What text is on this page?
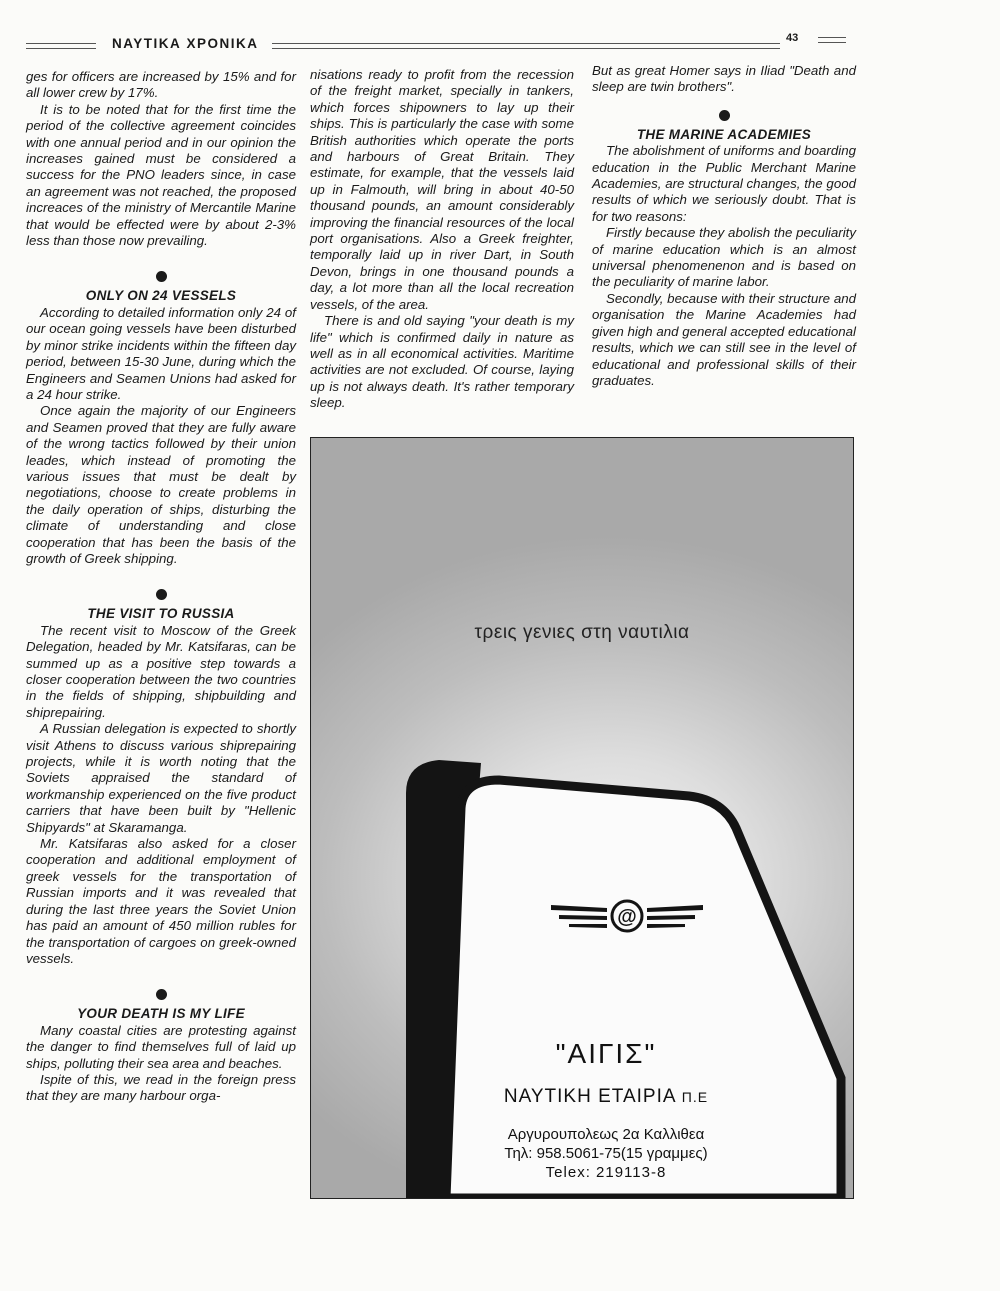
ΝΑΥΤΙΚΑ ΧΡΟΝΙΚΑ	43

ges for officers are increased by 15% and for all lower crew by 17%.

It is to be noted that for the first time the period of the collective agreement coincides with one annual period and in our opinion the increases gained must be considered a success for the PNO leaders since, in case an agreement was not reached, the proposed increaces of the ministry of Mercantile Marine that would be effected were by about 2-3% less than those now prevailing.

ONLY ON 24 VESSELS

According to detailed information only 24 of our ocean going vessels have been disturbed by minor strike incidents within the fifteen day period, between 15-30 June, during which the Engineers and Seamen Unions had asked for a 24 hour strike.

Once again the majority of our Engineers and Seamen proved that they are fully aware of the wrong tactics followed by their union leades, which instead of promoting the various issues that must be dealt by negotiations, choose to create problems in the daily operation of ships, disturbing the climate of understanding and close cooperation that has been the basis of the growth of Greek shipping.

THE VISIT TO RUSSIA

The recent visit to Moscow of the Greek Delegation, headed by Mr. Katsifaras, can be summed up as a positive step towards a closer cooperation between the two countries in the fields of shipping, shipbuilding and shiprepairing.

A Russian delegation is expected to shortly visit Athens to discuss various shiprepairing projects, while it is worth noting that the Soviets appraised the standard of workmanship experienced on the five product carriers that have been built by "Hellenic Shipyards" at Skaramanga.

Mr. Katsifaras also asked for a closer cooperation and additional employment of greek vessels for the transportation of Russian imports and it was revealed that during the last three years the Soviet Union has paid an amount of 450 million rubles for the transportation of cargoes on greek-owned vessels.

YOUR DEATH IS MY LIFE

Many coastal cities are protesting against the danger to find themselves full of laid up ships, polluting their sea area and beaches.

Ispite of this, we read in the foreign press that they are many harbour orga-

nisations ready to profit from the recession of the freight market, specially in tankers, which forces shipowners to lay up their ships. This is particularly the case with some British authorities which operate the ports and harbours of Great Britain. They estimate, for example, that the vessels laid up in Falmouth, will bring in about 40-50 thousand pounds, an amount considerably improving the financial resources of the local port organisations. Also a Greek freighter, temporally laid up in river Dart, in South Devon, brings in one thousand pounds a day, a lot more than all the local recreation vessels, of the area.

There is and old saying "your death is my life" which is confirmed daily in nature as well as in all economical activities. Maritime activities are not excluded. Of course, laying up is not always death. It's rather temporary sleep.

But as great Homer says in Iliad "Death and sleep are twin brothers".

THE MARINE ACADEMIES

The abolishment of uniforms and boarding education in the Public Merchant Marine Academies, are structural changes, the good results of which we seriously doubt. That is for two reasons:

Firstly because they abolish the peculiarity of marine education which is an almost universal phenomenenon and is based on the peculiarity of marine labor.

Secondly, because with their structure and organisation the Marine Academies had given high and general accepted educational results, which we can still see in the level of educational and professional skills of their graduates.

τρεις γενιες στη ναυτιλια
@
"ΑΙΓΙΣ"
ΝΑΥΤΙΚΗ ΕΤΑΙΡΙΑ Π.Ε
Αργυρουπολεως 2α Καλλιθεα
Τηλ: 958.5061-75(15 γραμμες)
Telex: 219113-8
